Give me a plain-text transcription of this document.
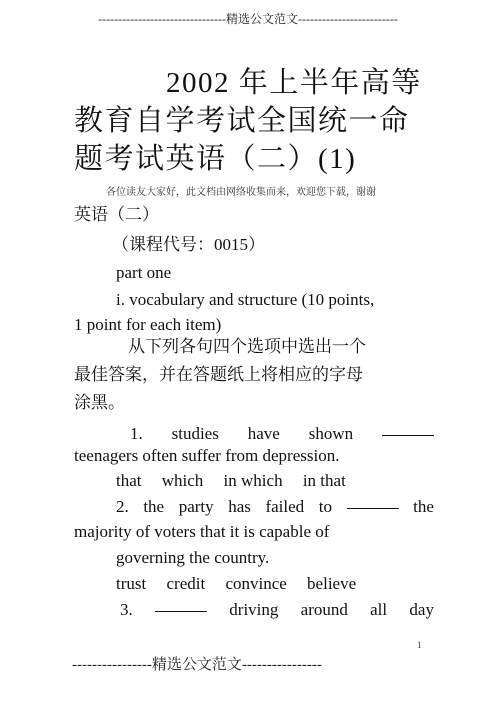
--------------------------------精选公文范文-------------------------
2002 年上半年高等
教育自学考试全国统一命
题考试英语（二）(1)
各位读友大家好，此文档由网络收集而来，欢迎您下载，谢谢
英语（二）
（课程代号：0015）
part one
i. vocabulary and structure (10 points,
1 point for each item)
从下列各句四个选项中选出一个
最佳答案，并在答题纸上将相应的字母
涂黑。
1. studies have shown
teenagers often suffer from depression.
that which in which in that
2. the party has failed to	the
majority of voters that it is capable of
governing the country.
trust credit convince believe
3.	driving around all day
1
----------------精选公文范文----------------
